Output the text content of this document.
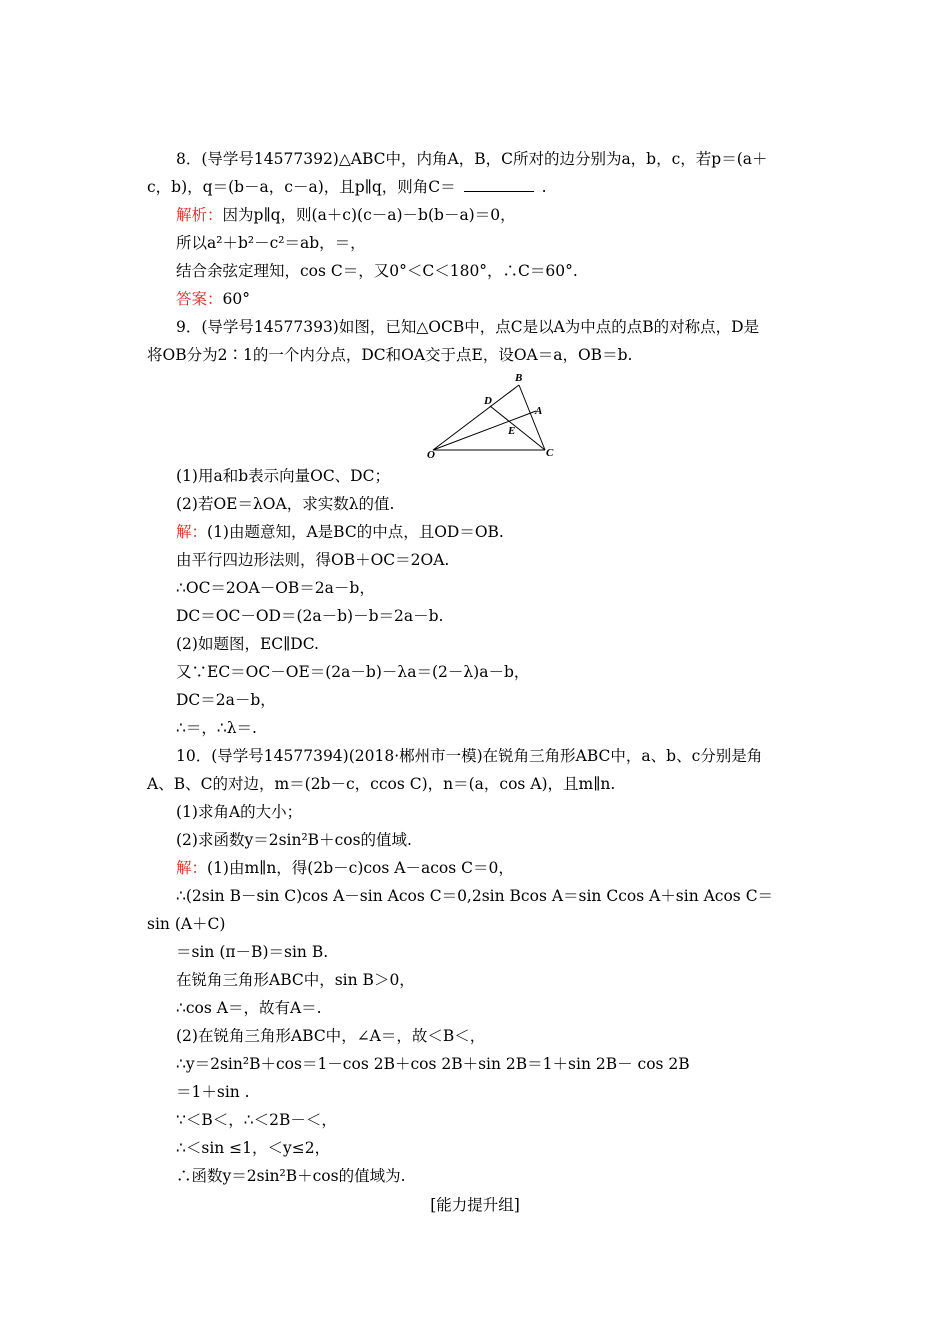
8．(导学号14577392)△ABC中，内角A，B，C所对的边分别为a，b，c，若p＝(a＋
c，b)，q＝(b－a，c－a)，且p∥q，则角C＝	.
解析：因为p∥q，则(a＋c)(c－a)－b(b－a)＝0，
所以a²＋b²－c²＝ab，＝，
结合余弦定理知，cos C＝，又0°＜C＜180°，∴C＝60°.
答案：60°
9．(导学号14577393)如图，已知△OCB中，点C是以A为中点的点B的对称点，D是
将OB分为2∶1的一个内分点，DC和OA交于点E，设OA＝a，OB＝b.
B
D
A
E
O	C
(1)用a和b表示向量OC、DC；
(2)若OE＝λOA，求实数λ的值.
解：(1)由题意知，A是BC的中点，且OD＝OB.
由平行四边形法则，得OB＋OC＝2OA.
∴OC＝2OA－OB＝2a－b，
DC＝OC－OD＝(2a－b)－b＝2a－b.
(2)如题图，EC∥DC.
又∵EC＝OC－OE＝(2a－b)－λa＝(2－λ)a－b，
DC＝2a－b，
∴＝，∴λ＝.
10．(导学号14577394)(2018·郴州市一模)在锐角三角形ABC中，a、b、c分别是角
A、B、C的对边，m＝(2b－c，ccos C)，n＝(a，cos A)，且m∥n.
(1)求角A的大小；
(2)求函数y＝2sin²B＋cos的值域.
解：(1)由m∥n，得(2b－c)cos A－acos C＝0，
∴(2sin B－sin C)cos A－sin Acos C＝0,2sin Bcos A＝sin Ccos A＋sin Acos C＝
sin (A＋C)
＝sin (π－B)＝sin B.
在锐角三角形ABC中，sin B＞0，
∴cos A＝，故有A＝.
(2)在锐角三角形ABC中，∠A＝，故＜B＜，
∴y＝2sin²B＋cos＝1－cos 2B＋cos 2B＋sin 2B＝1＋sin 2B－ cos 2B
＝1＋sin .
∵＜B＜，∴＜2B－＜，
∴＜sin ≤1，＜y≤2，
∴函数y＝2sin²B＋cos的值域为.
[能力提升组]
